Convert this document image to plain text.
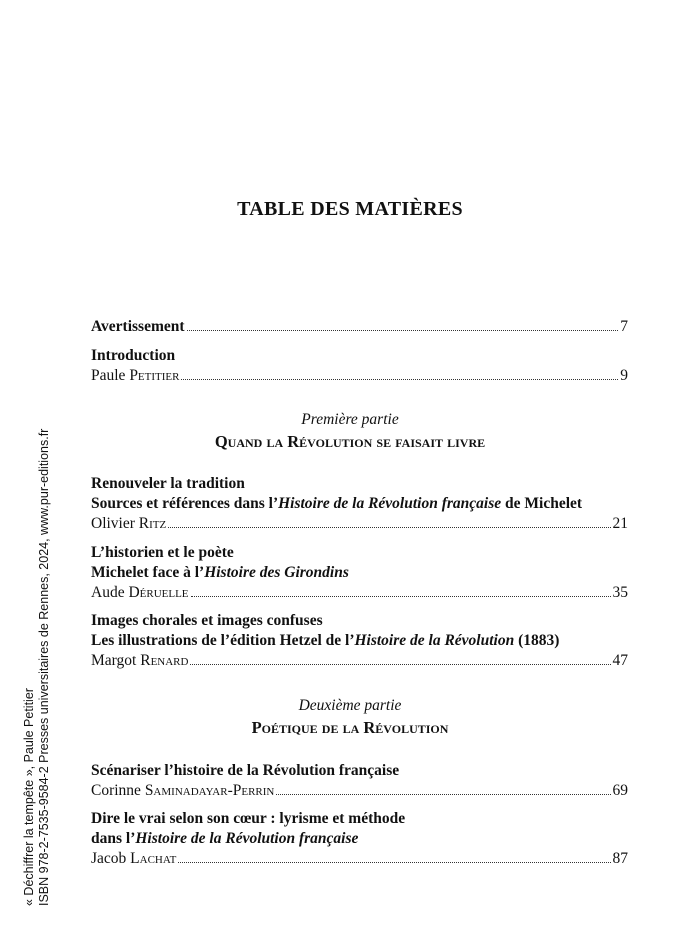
« Déchiffrer la tempête », Paule Petitier ISBN 978-2-7535-9584-2 Presses universitaires de Rennes, 2024, www.pur-editions.fr
TABLE DES MATIÈRES
Avertissement	7
Introduction
Paule Petitier	9
Première partie
Quand la Révolution se faisait livre
Renouveler la tradition
Sources et références dans l’Histoire de la Révolution française de Michelet
Olivier Ritz	21
L’historien et le poète
Michelet face à l’Histoire des Girondins
Aude Déruelle	35
Images chorales et images confuses
Les illustrations de l’édition Hetzel de l’Histoire de la Révolution (1883)
Margot Renard	47
Deuxième partie
Poétique de la Révolution
Scénariser l’histoire de la Révolution française
Corinne Saminadayar-Perrin	69
Dire le vrai selon son cœur : lyrisme et méthode
dans l’Histoire de la Révolution française
Jacob Lachat	87
